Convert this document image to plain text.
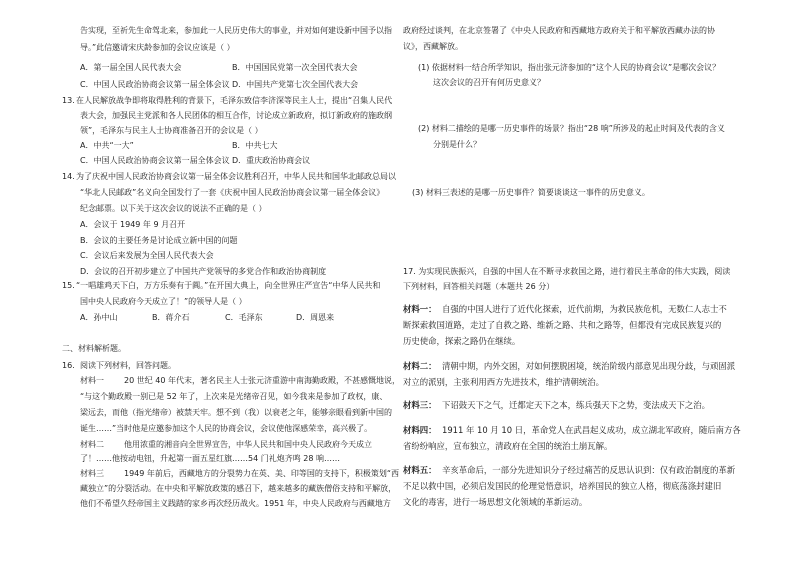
告实现，至祈先生命驾北来，参加此一人民历史伟大的事业，并对如何建设新中国予以指
导。”此信邀请宋庆龄参加的会议应该是（ ）
A．第一届全国人民代表大会	B．中国国民党第一次全国代表大会
C．中国人民政治协商会议第一届全体会议 D．中国共产党第七次全国代表大会
13. 在人民解放战争即将取得胜利的背景下，毛泽东致信李济深等民主人士，提出“召集人民代
表大会，加强民主党派和各人民团体的相互合作，讨论成立新政府，拟订新政府的施政纲
领”，毛泽东与民主人士协商准备召开的会议是（ ）
A．中共“一大”	B．中共七大
C．中国人民政治协商会议第一届全体会议 D．重庆政治协商会议
14. 为了庆祝中国人民政治协商会议第一届全体会议胜利召开，中华人民共和国华北邮政总局以
“华北人民邮政”名义向全国发行了一套《庆祝中国人民政治协商会议第一届全体会议》
纪念邮票。以下关于这次会议的说法不正确的是（ ）
A．会议于 1949 年 9 月召开
B．会议的主要任务是讨论成立新中国的问题
C．会议后来发展为全国人民代表大会
D．会议的召开初步建立了中国共产党领导的多党合作和政治协商制度
15. “一唱雄鸡天下白，万方乐奏有于阗。”在开国大典上，向全世界庄严宣告“中华人民共和
国中央人民政府今天成立了！”的领导人是（ ）
A．孙中山	B．蒋介石	C．毛泽东	D．周恩来
二、材料解析题。
16. 阅读下列材料，回答问题。
材料一	20 世纪 40 年代末，著名民主人士张元济重游中南海勤政殿，不甚感慨地说，
“与这个勤政殿一别已是 52 年了，上次来是光绪帝召见，如今我来是参加了政权，康、
梁远去，而他（指光绪帝）被禁天牢。想不到（我）以衰老之年，能够亲眼看到新中国的
诞生……”当时他是应邀参加这个人民的协商会议，会议使他深感荣幸，高兴极了。
材料二	他用浓重的湘音向全世界宣告，中华人民共和国中央人民政府今天成立
了！……他按动电钮，升起第一面五星红旗……54 门礼炮齐鸣 28 响……
材料三	1949 年前后，西藏地方的分裂势力在英、美、印等国的支持下，积极策划“西
藏独立”的分裂活动。在中央和平解放政策的感召下，越来越多的藏族僧俗支持和平解放，
他们不希望久经帝国主义践踏的家乡再次经历战火。1951 年，中央人民政府与西藏地方
政府经过谈判，在北京签署了《中央人民政府和西藏地方政府关于和平解放西藏办法的协
议》，西藏解放。
(1) 依据材料一结合所学知识，指出张元济参加的“这个人民的协商会议”是哪次会议？
这次会议的召开有何历史意义？
(2) 材料二描绘的是哪一历史事件的场景？指出“28 响”所涉及的起止时间及代表的含义
分别是什么？
(3) 材料三表述的是哪一历史事件？简要谈谈这一事件的历史意义。
17. 为实现民族振兴，自强的中国人在不断寻求救国之路，进行着民主革命的伟大实践，阅读
下列材料，回答相关问题（本题共 26 分）
材料一： 自强的中国人进行了近代化探索，近代前期，为救民族危机，无数仁人志士不
断探索救国道路，走过了自救之路、维新之路、共和之路等，但都没有完成民族复兴的
历史使命，探索之路仍在继续。
材料二： 清朝中期，内外交困，对如何摆脱困境，统治阶级内部意见出现分歧，与顽固派
对立的派别，主张利用西方先进技术，维护清朝统治。
材料三： 下诏鼓天下之气，迁都定天下之本，练兵强天下之势，变法成天下之治。
材料四： 1911 年 10 月 10 日，革命党人在武昌起义成功，成立湖北军政府，随后南方各
省纷纷响应，宣布独立，清政府在全国的统治土崩瓦解。
材料五： 辛亥革命后，一部分先进知识分子经过痛苦的反思认识到：仅有政治制度的革新
不足以救中国，必须启发国民的伦理觉悟意识，培养国民的独立人格，彻底荡涤封建旧
文化的毒害，进行一场思想文化领域的革新运动。
